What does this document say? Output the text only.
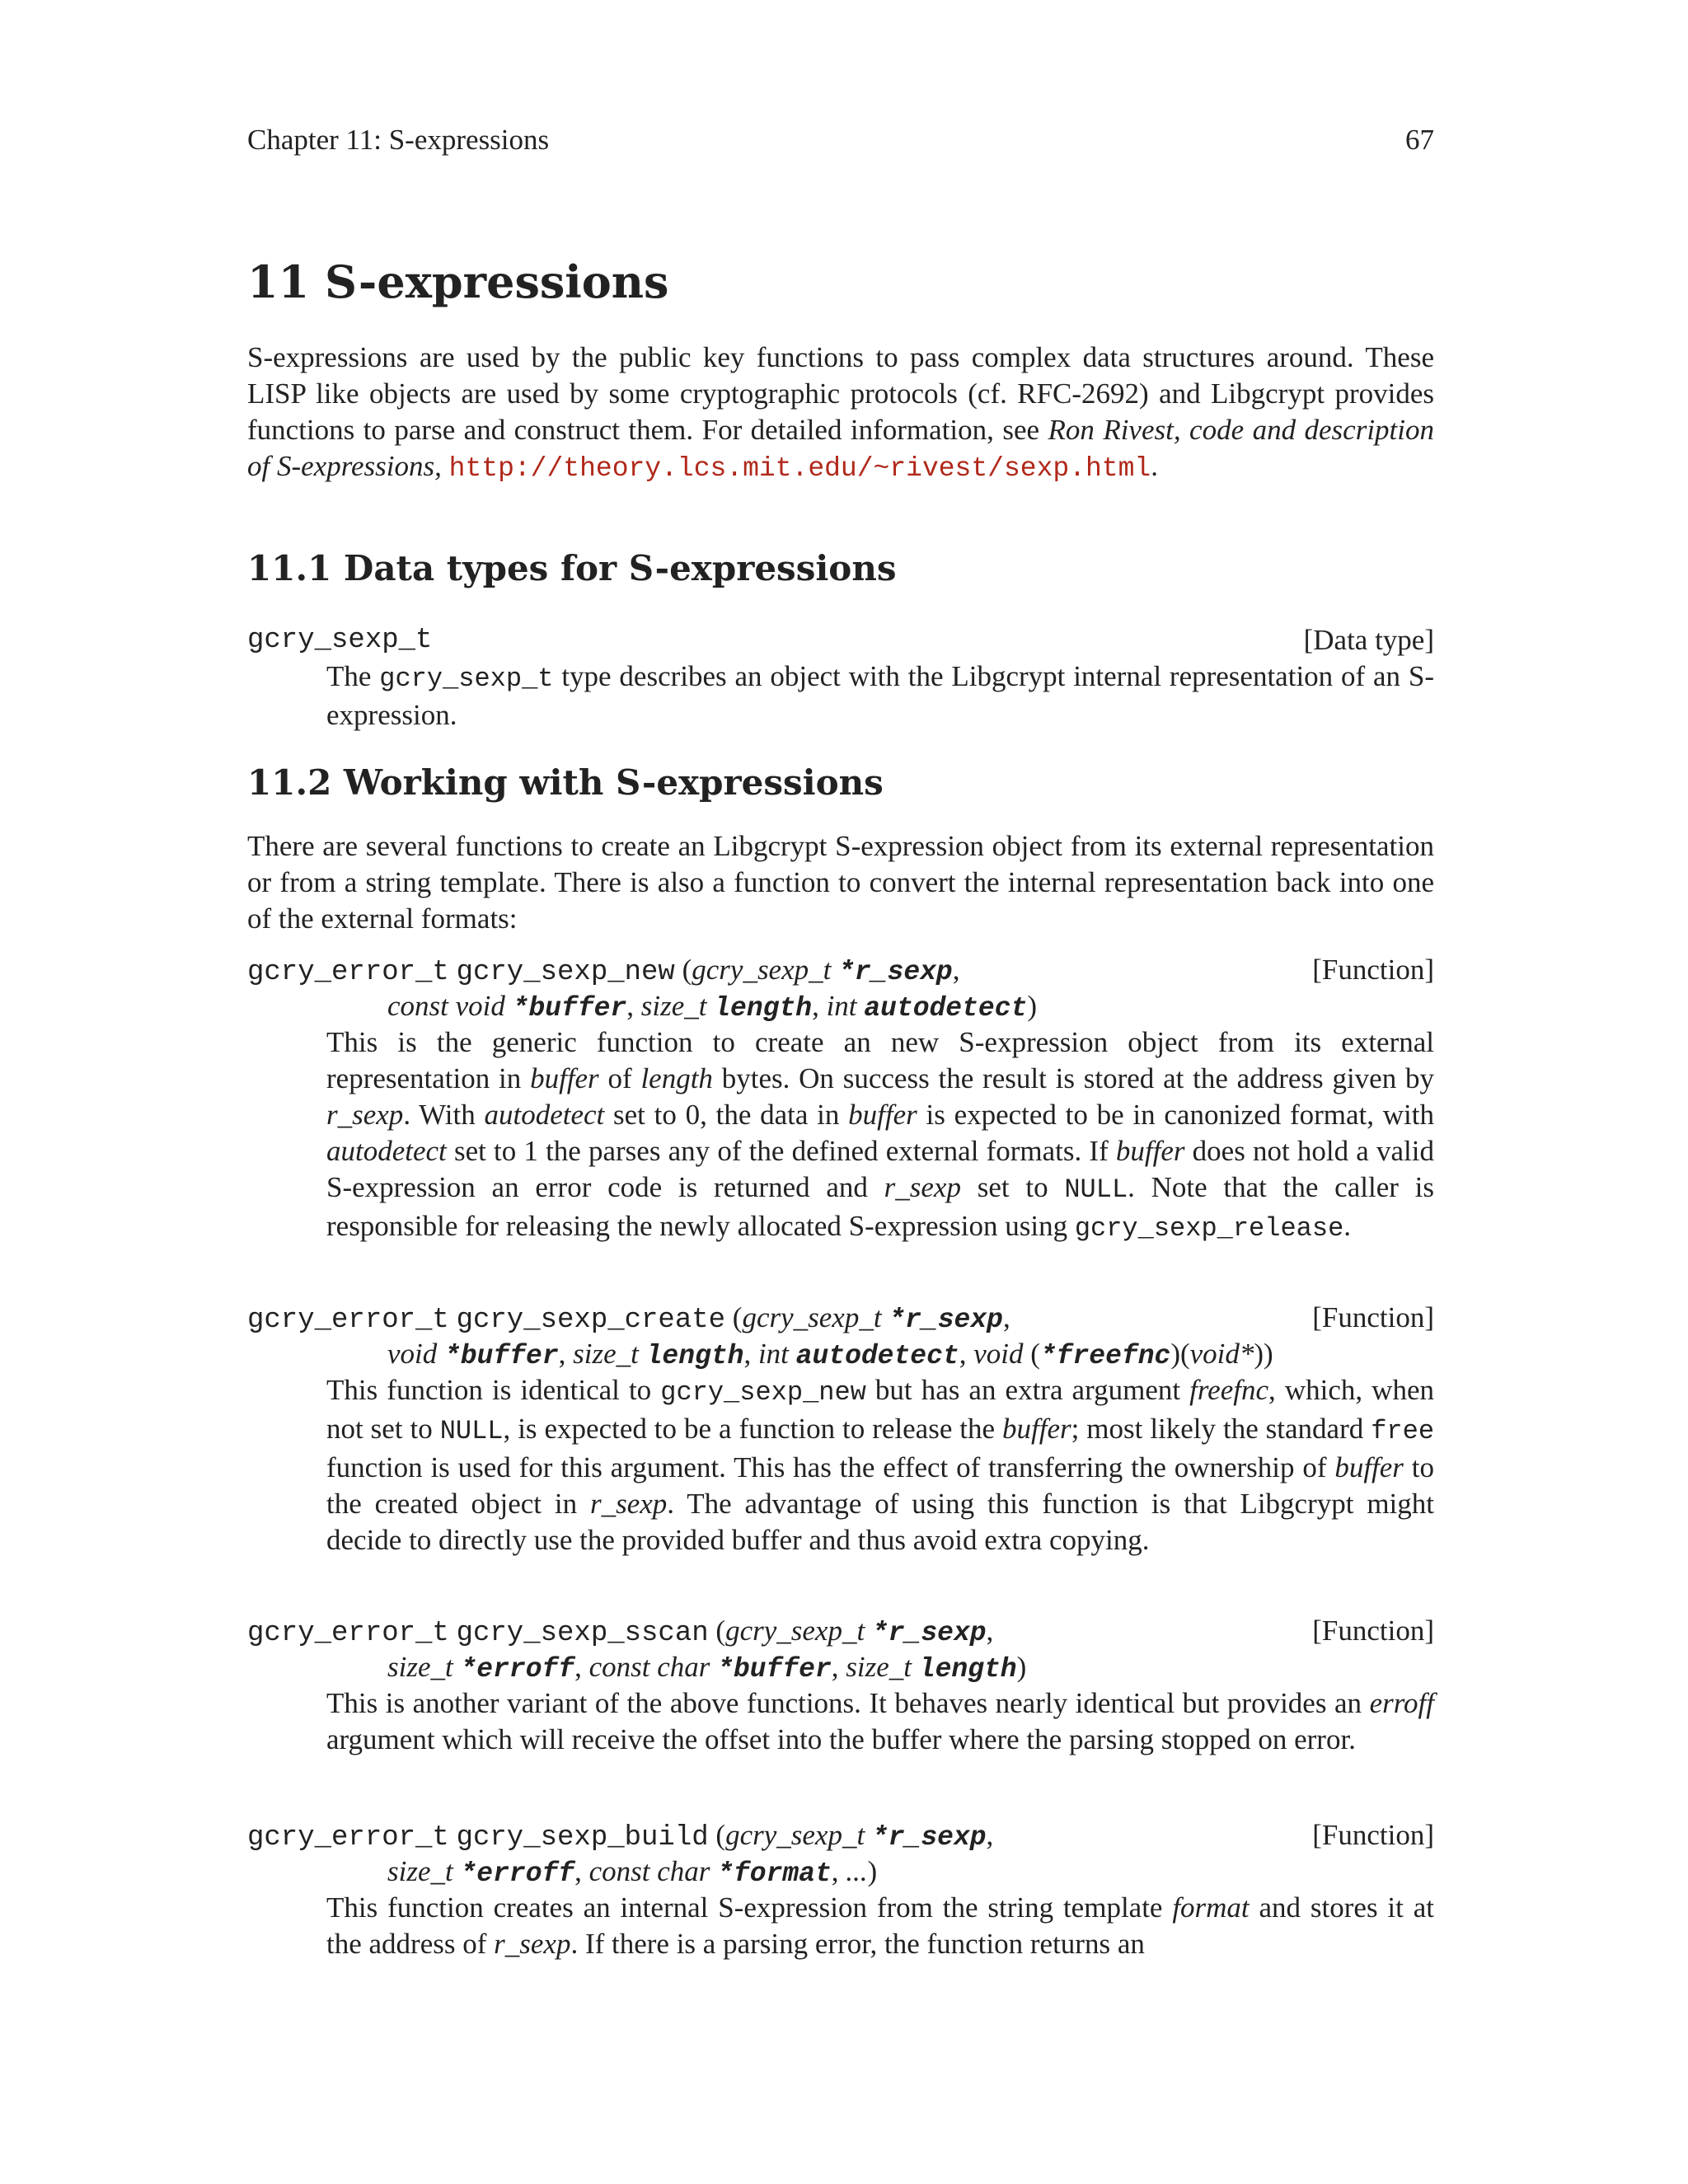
Chapter 11: S-expressions	67
11 S-expressions

S-expressions are used by the public key functions to pass complex data structures around. These LISP like objects are used by some cryptographic protocols (cf. RFC-2692) and Libgcrypt provides functions to parse and construct them. For detailed information, see Ron Rivest, code and description of S-expressions, http://theory.lcs.mit.edu/~rivest/sexp.html.

11.1 Data types for S-expressions
gcry_sexp_t	[Data type]
The gcry_sexp_t type describes an object with the Libgcrypt internal representation of an S-expression.
11.2 Working with S-expressions

There are several functions to create an Libgcrypt S-expression object from its external representation or from a string template. There is also a function to convert the internal representation back into one of the external formats:

gcry_error_t gcry_sexp_new (gcry_sexp_t *r_sexp,	[Function]
const void *buffer, size_t length, int autodetect)
This is the generic function to create an new S-expression object from its external representation in buffer of length bytes. On success the result is stored at the address given by r_sexp. With autodetect set to 0, the data in buffer is expected to be in canonized format, with autodetect set to 1 the parses any of the defined external formats. If buffer does not hold a valid S-expression an error code is returned and r_sexp set to NULL. Note that the caller is responsible for releasing the newly allocated S-expression using gcry_sexp_release.
gcry_error_t gcry_sexp_create (gcry_sexp_t *r_sexp,	[Function]
void *buffer, size_t length, int autodetect, void (*freefnc)(void*))
This function is identical to gcry_sexp_new but has an extra argument freefnc, which, when not set to NULL, is expected to be a function to release the buffer; most likely the standard free function is used for this argument. This has the effect of transferring the ownership of buffer to the created object in r_sexp. The advantage of using this function is that Libgcrypt might decide to directly use the provided buffer and thus avoid extra copying.
gcry_error_t gcry_sexp_sscan (gcry_sexp_t *r_sexp,	[Function]
size_t *erroff, const char *buffer, size_t length)
This is another variant of the above functions. It behaves nearly identical but provides an erroff argument which will receive the offset into the buffer where the parsing stopped on error.
gcry_error_t gcry_sexp_build (gcry_sexp_t *r_sexp,	[Function]
size_t *erroff, const char *format, ...)
This function creates an internal S-expression from the string template format and stores it at the address of r_sexp. If there is a parsing error, the function returns an
